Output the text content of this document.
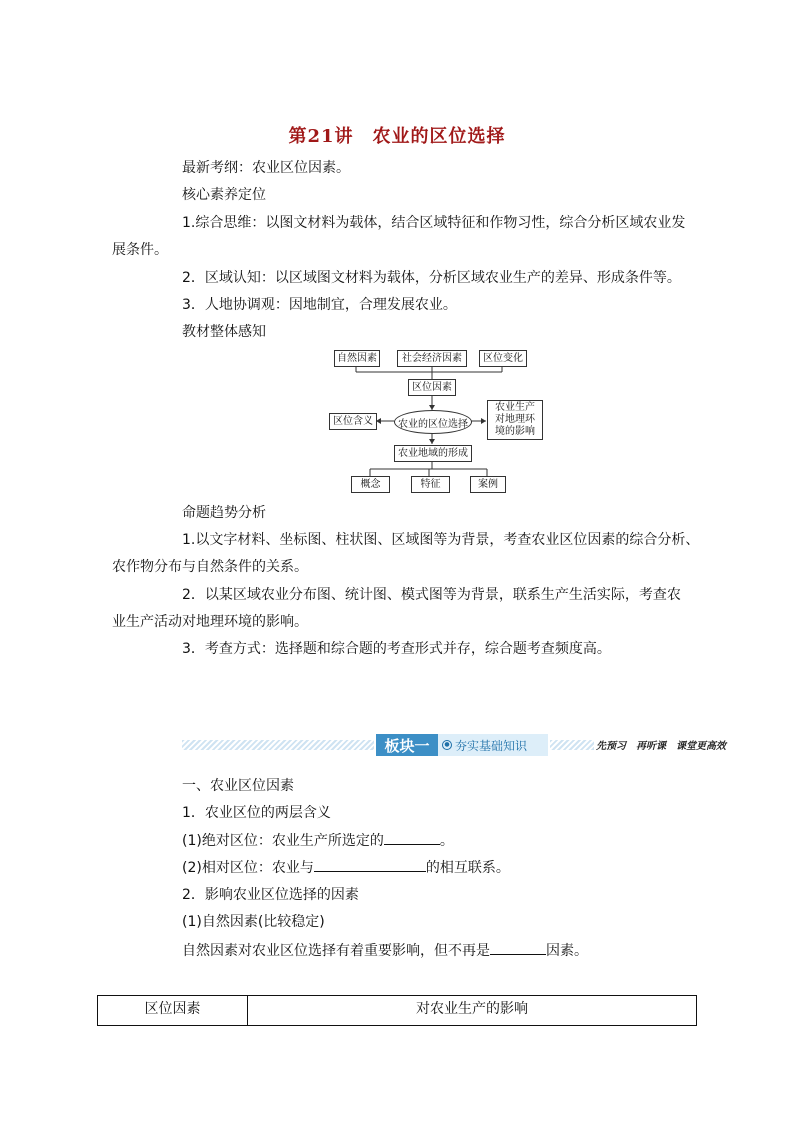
第21讲　农业的区位选择
最新考纲：农业区位因素。
核心素养定位
1.综合思维：以图文材料为载体，结合区域特征和作物习性，综合分析区域农业发
展条件。
2．区域认知：以区域图文材料为载体，分析区域农业生产的差异、形成条件等。
3．人地协调观：因地制宜，合理发展农业。
教材整体感知
自然因素	社会经济因素	区位变化
区位因素
农业的区位选择
区位含义
农业生产对地理环境的影响
农业地域的形成
概念	特征	案例
命题趋势分析
1.以文字材料、坐标图、柱状图、区域图等为背景，考查农业区位因素的综合分析、
农作物分布与自然条件的关系。
2．以某区域农业分布图、统计图、模式图等为背景，联系生产生活实际，考查农
业生产活动对地理环境的影响。
3．考查方式：选择题和综合题的考查形式并存，综合题考查频度高。
板块一	● 夯实基础知识	先预习　再听课　课堂更高效
一、农业区位因素
1．农业区位的两层含义
(1)绝对区位：农业生产所选定的	。
(2)相对区位：农业与	的相互联系。
2．影响农业区位选择的因素
(1)自然因素(比较稳定)
自然因素对农业区位选择有着重要影响，但不再是	因素。
区位因素	对农业生产的影响
